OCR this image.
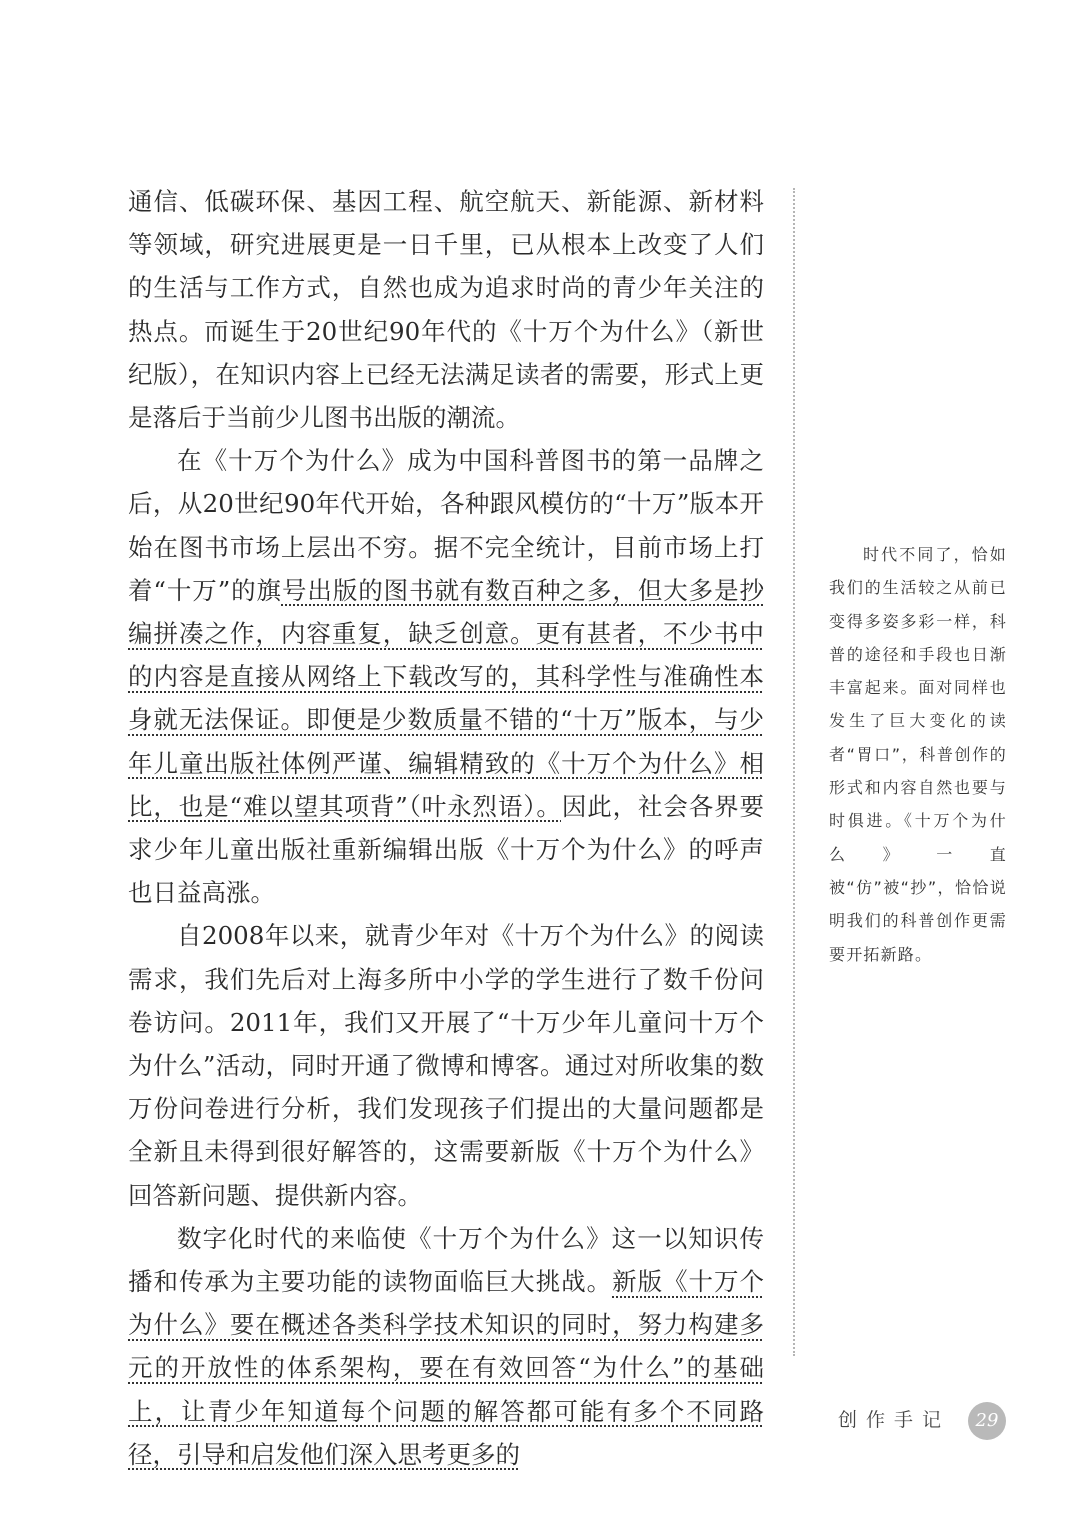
通信、低碳环保、基因工程、航空航天、新能源、新材料等领域，研究进展更是一日千里，已从根本上改变了人们的生活与工作方式，自然也成为追求时尚的青少年关注的热点。而诞生于20世纪90年代的《十万个为什么》（新世纪版），在知识内容上已经无法满足读者的需要，形式上更是落后于当前少儿图书出版的潮流。

在《十万个为什么》成为中国科普图书的第一品牌之后，从20世纪90年代开始，各种跟风模仿的“十万”版本开始在图书市场上层出不穷。据不完全统计，目前市场上打着“十万”的旗号出版的图书就有数百种之多，但大多是抄编拼凑之作，内容重复，缺乏创意。更有甚者，不少书中的内容是直接从网络上下载改写的，其科学性与准确性本身就无法保证。即便是少数质量不错的“十万”版本，与少年儿童出版社体例严谨、编辑精致的《十万个为什么》相比，也是“难以望其项背”（叶永烈语）。因此，社会各界要求少年儿童出版社重新编辑出版《十万个为什么》的呼声也日益高涨。

自2008年以来，就青少年对《十万个为什么》的阅读需求，我们先后对上海多所中小学的学生进行了数千份问卷访问。2011年，我们又开展了“十万少年儿童问十万个为什么”活动，同时开通了微博和博客。通过对所收集的数万份问卷进行分析，我们发现孩子们提出的大量问题都是全新且未得到很好解答的，这需要新版《十万个为什么》回答新问题、提供新内容。

数字化时代的来临使《十万个为什么》这一以知识传播和传承为主要功能的读物面临巨大挑战。新版《十万个为什么》要在概述各类科学技术知识的同时，努力构建多元的开放性的体系架构，要在有效回答“为什么”的基础上，让青少年知道每个问题的解答都可能有多个不同路径，引导和启发他们深入思考更多的

时代不同了，恰如我们的生活较之从前已变得多姿多彩一样，科普的途径和手段也日渐丰富起来。面对同样也发生了巨大变化的读者“胃口”，科普创作的形式和内容自然也要与时俱进。《十万个为什么》一直被“仿”被“抄”，恰恰说明我们的科普创作更需要开拓新路。

创作手记	29
